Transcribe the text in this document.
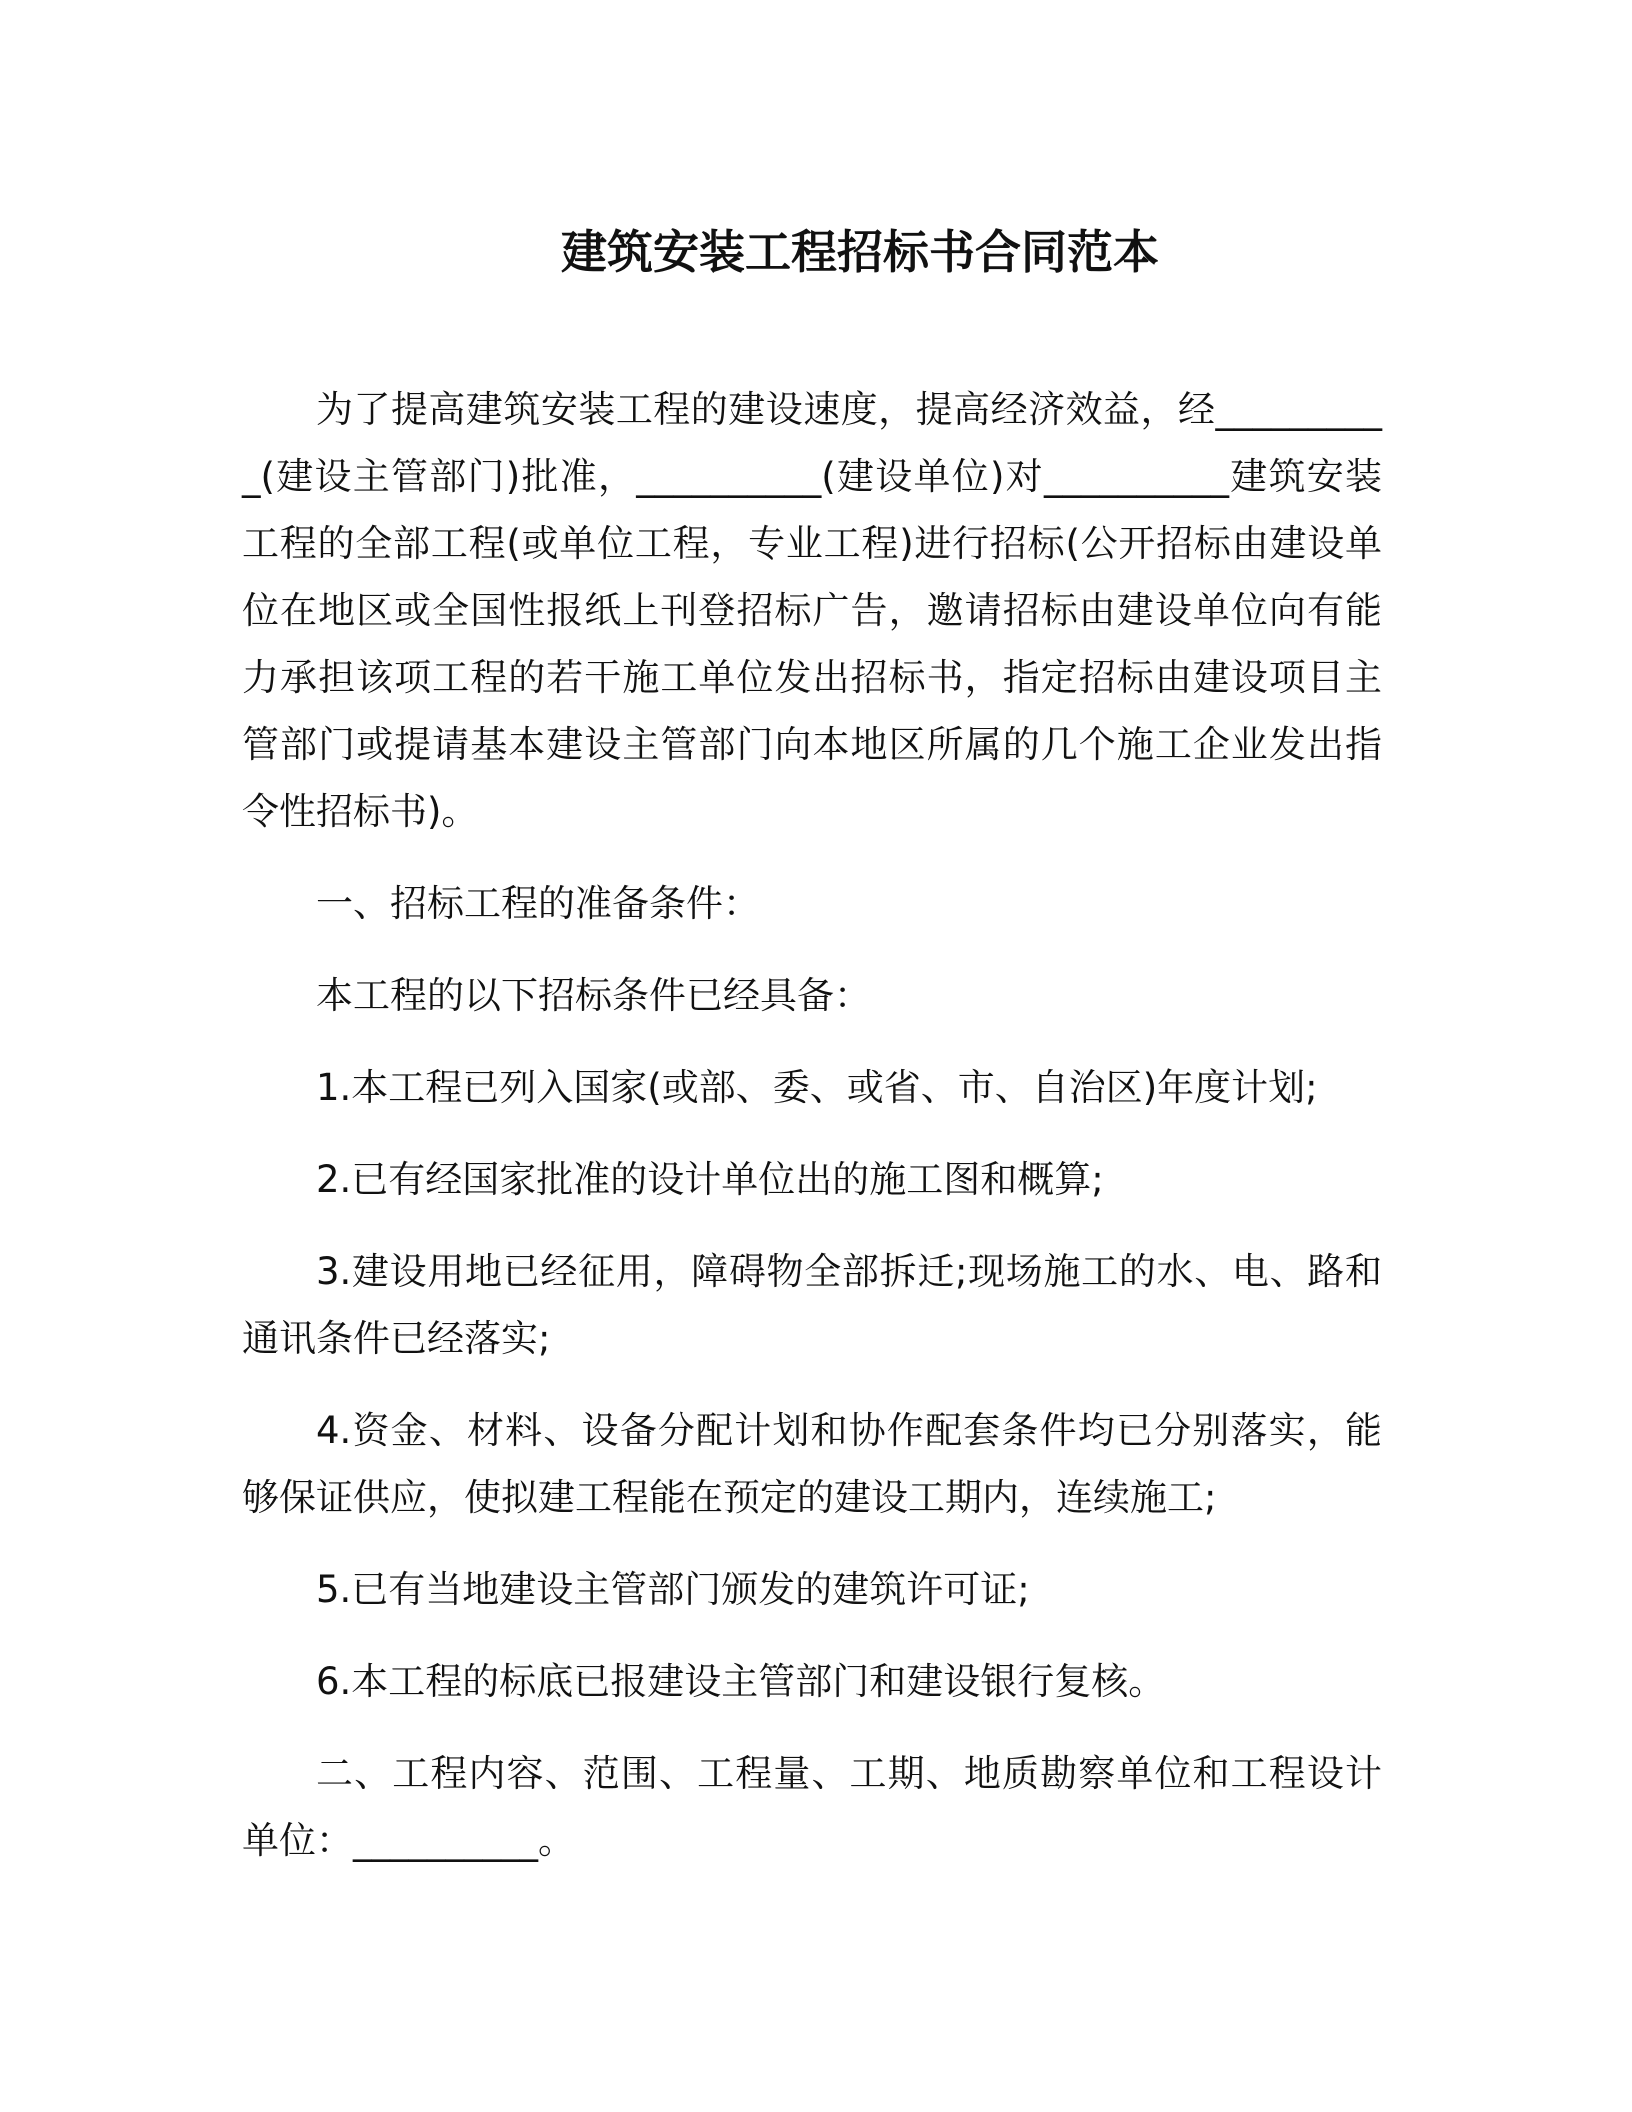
建筑安装工程招标书合同范本

为了提高建筑安装工程的建设速度，提高经济效益，经__________(建设主管部门)批准，__________(建设单位)对__________建筑安装工程的全部工程(或单位工程，专业工程)进行招标(公开招标由建设单位在地区或全国性报纸上刊登招标广告，邀请招标由建设单位向有能力承担该项工程的若干施工单位发出招标书，指定招标由建设项目主管部门或提请基本建设主管部门向本地区所属的几个施工企业发出指令性招标书)。

一、招标工程的准备条件：

本工程的以下招标条件已经具备：

1.本工程已列入国家(或部、委、或省、市、自治区)年度计划;

2.已有经国家批准的设计单位出的施工图和概算;

3.建设用地已经征用，障碍物全部拆迁;现场施工的水、电、路和通讯条件已经落实;

4.资金、材料、设备分配计划和协作配套条件均已分别落实，能够保证供应，使拟建工程能在预定的建设工期内，连续施工;

5.已有当地建设主管部门颁发的建筑许可证;

6.本工程的标底已报建设主管部门和建设银行复核。

二、工程内容、范围、工程量、工期、地质勘察单位和工程设计单位：__________。
